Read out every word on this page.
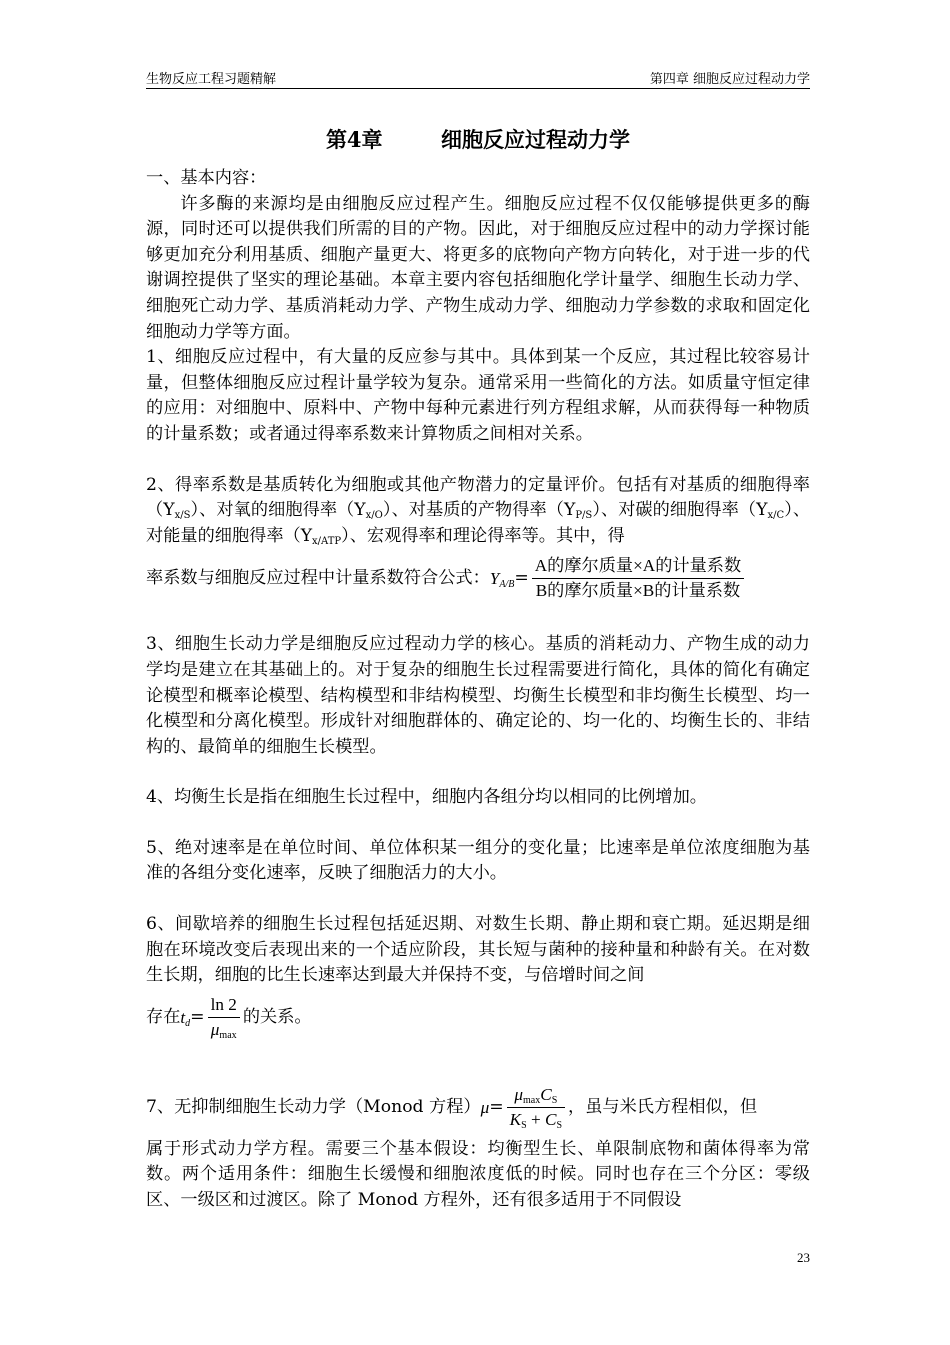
生物反应工程习题精解	第四章 细胞反应过程动力学
第4章        细胞反应过程动力学

一、基本内容：

许多酶的来源均是由细胞反应过程产生。细胞反应过程不仅仅能够提供更多的酶源，同时还可以提供我们所需的目的产物。因此，对于细胞反应过程中的动力学探讨能够更加充分利用基质、细胞产量更大、将更多的底物向产物方向转化，对于进一步的代谢调控提供了坚实的理论基础。本章主要内容包括细胞化学计量学、细胞生长动力学、细胞死亡动力学、基质消耗动力学、产物生成动力学、细胞动力学参数的求取和固定化细胞动力学等方面。

1、细胞反应过程中，有大量的反应参与其中。具体到某一个反应，其过程比较容易计量，但整体细胞反应过程计量学较为复杂。通常采用一些简化的方法。如质量守恒定律的应用：对细胞中、原料中、产物中每种元素进行列方程组求解，从而获得每一种物质的计量系数；或者通过得率系数来计算物质之间相对关系。

2、得率系数是基质转化为细胞或其他产物潜力的定量评价。包括有对基质的细胞得率$(Y_{x/S})$、对氧的细胞得率$(Y_{x/O})$、对基质的产物得率$(Y_{P/S})$、对碳的细胞得率$(Y_{x/C})$、对能量的细胞得率$(Y_{x/ATP})$、宏观得率和理论得率等。其中，得

率系数与细胞反应过程中计量系数符合公式： $Y_{A/B} = \frac{\text{A的摩尔质量×A的计量系数}}{\text{B的摩尔质量×B的计量系数}}$

3、细胞生长动力学是细胞反应过程动力学的核心。基质的消耗动力、产物生成的动力学均是建立在其基础上的。对于复杂的细胞生长过程需要进行简化，具体的简化有确定论模型和概率论模型、结构模型和非结构模型、均衡生长模型和非均衡生长模型、均一化模型和分离化模型。形成针对细胞群体的、确定论的、均一化的、均衡生长的、非结构的、最简单的细胞生长模型。

4、均衡生长是指在细胞生长过程中，细胞内各组分均以相同的比例增加。

5、绝对速率是在单位时间、单位体积某一组分的变化量；比速率是单位浓度细胞为基准的各组分变化速率，反映了细胞活力的大小。

6、间歇培养的细胞生长过程包括延迟期、对数生长期、静止期和衰亡期。延迟期是细胞在环境改变后表现出来的一个适应阶段，其长短与菌种的接种量和种龄有关。在对数生长期，细胞的比生长速率达到最大并保持不变，与倍增时间之间

存在 $t_d = \frac{\ln 2}{\mu_{max}}$ 的关系。
7、无抑制细胞生长动力学（Monod 方程） $\mu = \frac{\mu_{max}C_S}{K_S + C_S}$ ，虽与米氏方程相似，但

属于形式动力学方程。需要三个基本假设：均衡型生长、单限制底物和菌体得率为常数。两个适用条件：细胞生长缓慢和细胞浓度低的时候。同时也存在三个分区：零级区、一级区和过渡区。除了 Monod 方程外，还有很多适用于不同假设

23
